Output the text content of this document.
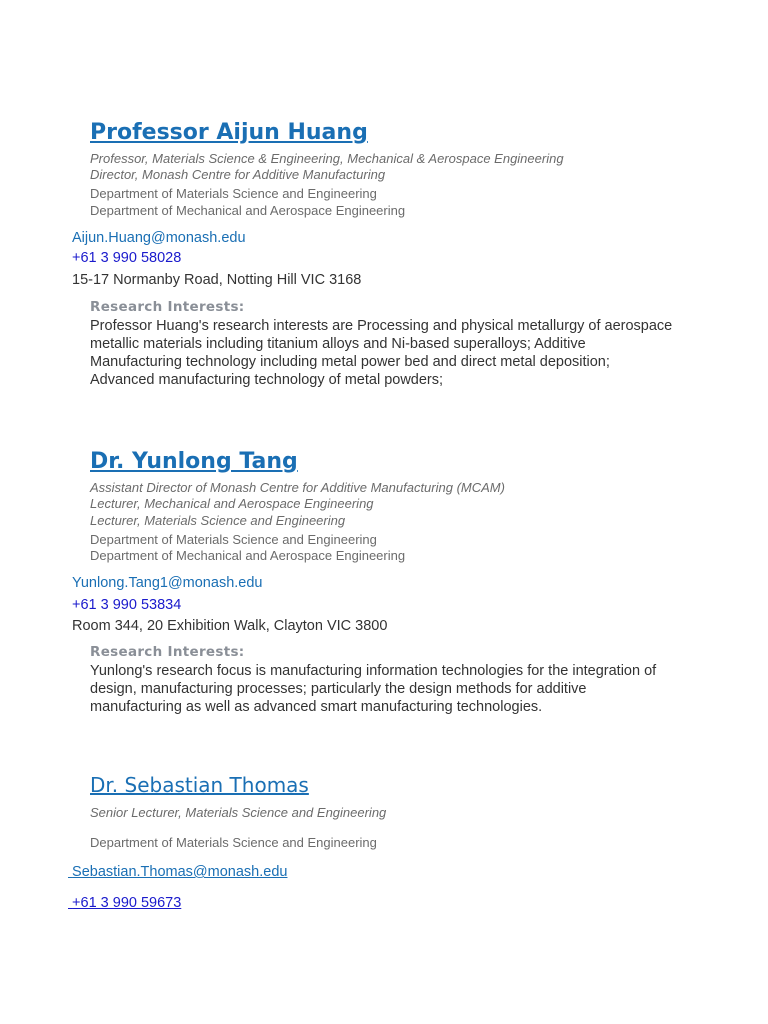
Professor Aijun Huang
Professor, Materials Science & Engineering, Mechanical & Aerospace Engineering
Director, Monash Centre for Additive Manufacturing
Department of Materials Science and Engineering
Department of Mechanical and Aerospace Engineering
Aijun.Huang@monash.edu
+61 3 990 58028
15-17 Normanby Road, Notting Hill VIC 3168
Research Interests:
Professor Huang's research interests are Processing and physical metallurgy of aerospace metallic materials including titanium alloys and Ni-based superalloys; Additive Manufacturing technology including metal power bed and direct metal deposition; Advanced manufacturing technology of metal powders;
Dr. Yunlong Tang
Assistant Director of Monash Centre for Additive Manufacturing (MCAM)
Lecturer, Mechanical and Aerospace Engineering
Lecturer, Materials Science and Engineering
Department of Materials Science and Engineering
Department of Mechanical and Aerospace Engineering
Yunlong.Tang1@monash.edu
+61 3 990 53834
Room 344, 20 Exhibition Walk, Clayton VIC 3800
Research Interests:
Yunlong's research focus is manufacturing information technologies for the integration of design, manufacturing processes; particularly the design methods for additive manufacturing as well as advanced smart manufacturing technologies.
Dr. Sebastian Thomas
Senior Lecturer, Materials Science and Engineering
Department of Materials Science and Engineering
Sebastian.Thomas@monash.edu
+61 3 990 59673
